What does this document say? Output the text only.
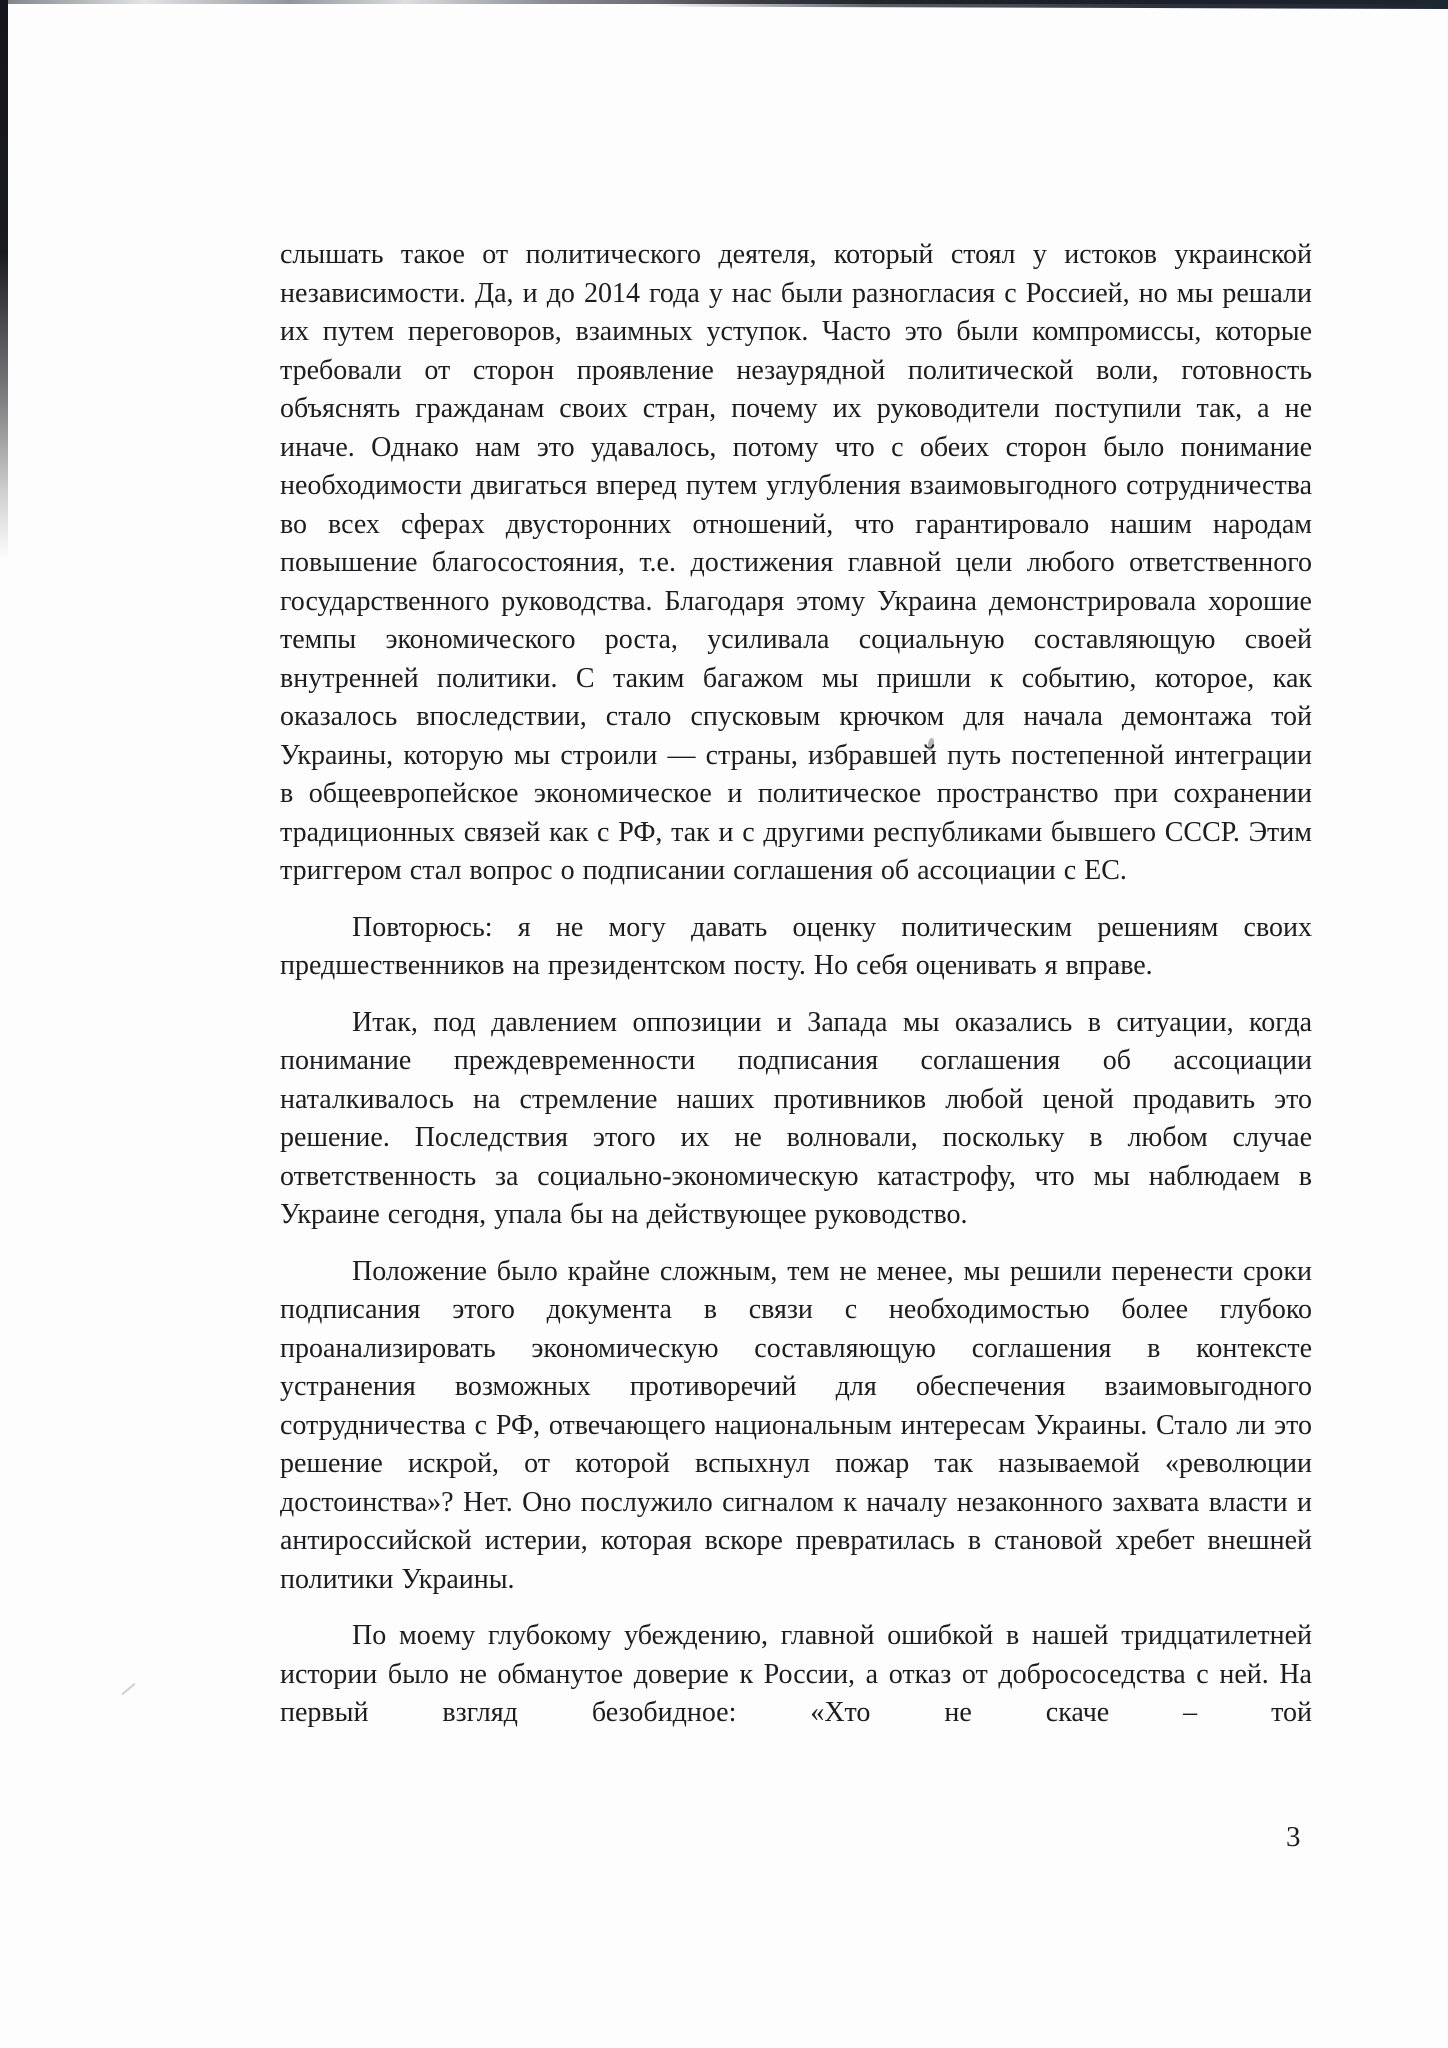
слышать такое от политического деятеля, который стоял у истоков украинской независимости. Да, и до 2014 года у нас были разногласия с Россией, но мы решали их путем переговоров, взаимных уступок. Часто это были компромиссы, которые требовали от сторон проявление незаурядной политической воли, готовность объяснять гражданам своих стран, почему их руководители поступили так, а не иначе. Однако нам это удавалось, потому что с обеих сторон было понимание необходимости двигаться вперед путем углубления взаимовыгодного сотрудничества во всех сферах двусторонних отношений, что гарантировало нашим народам повышение благосостояния, т.е. достижения главной цели любого ответственного государственного руководства. Благодаря этому Украина демонстрировала хорошие темпы экономического роста, усиливала социальную составляющую своей внутренней политики. С таким багажом мы пришли к событию, которое, как оказалось впоследствии, стало спусковым крючком для начала демонтажа той Украины, которую мы строили — страны, избравшей путь постепенной интеграции в общеевропейское экономическое и политическое пространство при сохранении традиционных связей как с РФ, так и с другими республиками бывшего СССР. Этим триггером стал вопрос о подписании соглашения об ассоциации с ЕС.

Повторюсь: я не могу давать оценку политическим решениям своих предшественников на президентском посту. Но себя оценивать я вправе.

Итак, под давлением оппозиции и Запада мы оказались в ситуации, когда понимание преждевременности подписания соглашения об ассоциации наталкивалось на стремление наших противников любой ценой продавить это решение. Последствия этого их не волновали, поскольку в любом случае ответственность за социально-экономическую катастрофу, что мы наблюдаем в Украине сегодня, упала бы на действующее руководство.

Положение было крайне сложным, тем не менее, мы решили перенести сроки подписания этого документа в связи с необходимостью более глубоко проанализировать экономическую составляющую соглашения в контексте устранения возможных противоречий для обеспечения взаимовыгодного сотрудничества с РФ, отвечающего национальным интересам Украины. Стало ли это решение искрой, от которой вспыхнул пожар так называемой «революции достоинства»? Нет. Оно послужило сигналом к началу незаконного захвата власти и антироссийской истерии, которая вскоре превратилась в становой хребет внешней политики Украины.

По моему глубокому убеждению, главной ошибкой в нашей тридцатилетней истории было не обманутое доверие к России, а отказ от добрососедства с ней. На первый взгляд безобидное: «Хто не скаче – той

3
